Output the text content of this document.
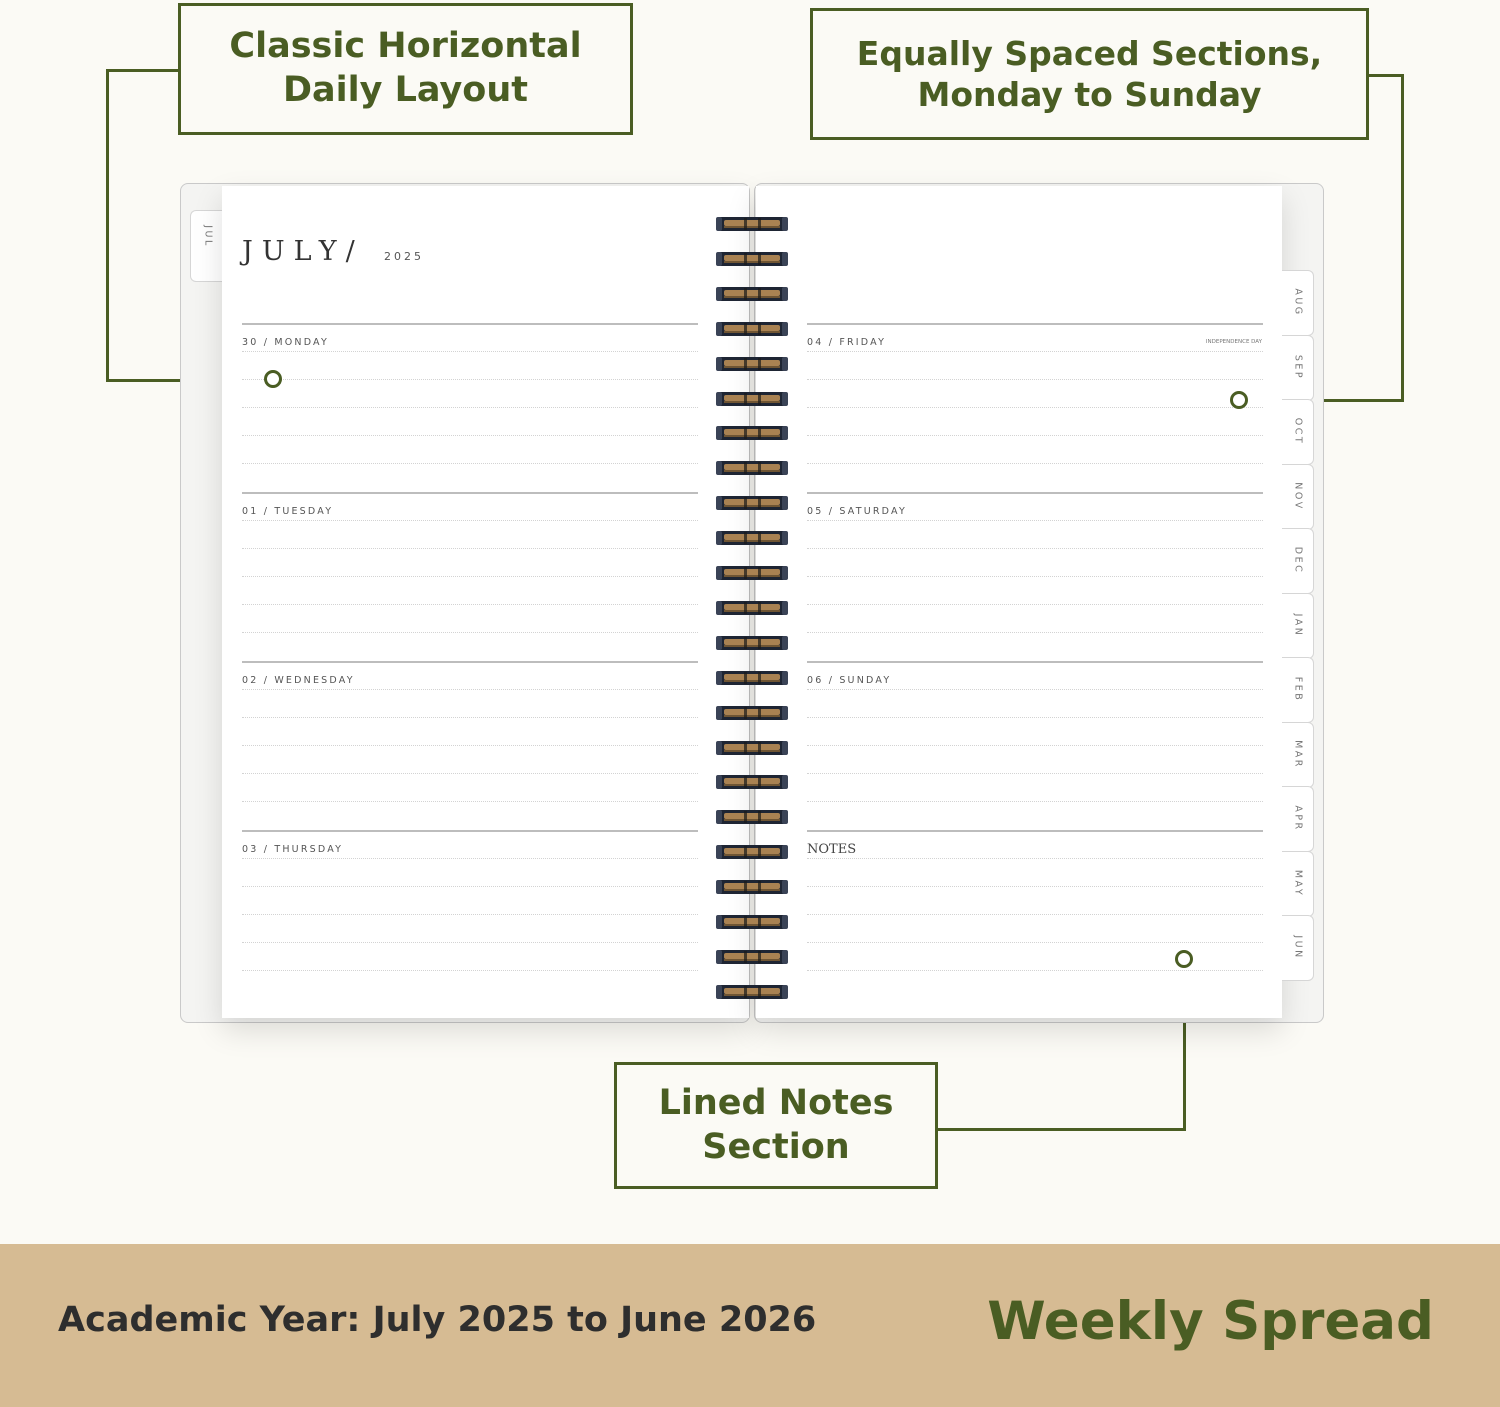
Classic Horizontal
Daily Layout
Equally Spaced Sections,
Monday to Sunday
Lined Notes
Section
JUL
AUG
SEP
OCT
NOV
DEC
JAN
FEB
MAR
APR
MAY
JUN
JULY/ 2025
30 / MONDAY
01 / TUESDAY
02 / WEDNESDAY
03 / THURSDAY
04 / FRIDAY	INDEPENDENCE DAY
05 / SATURDAY
06 / SUNDAY
NOTES
Academic Year: July 2025 to June 2026	Weekly Spread
